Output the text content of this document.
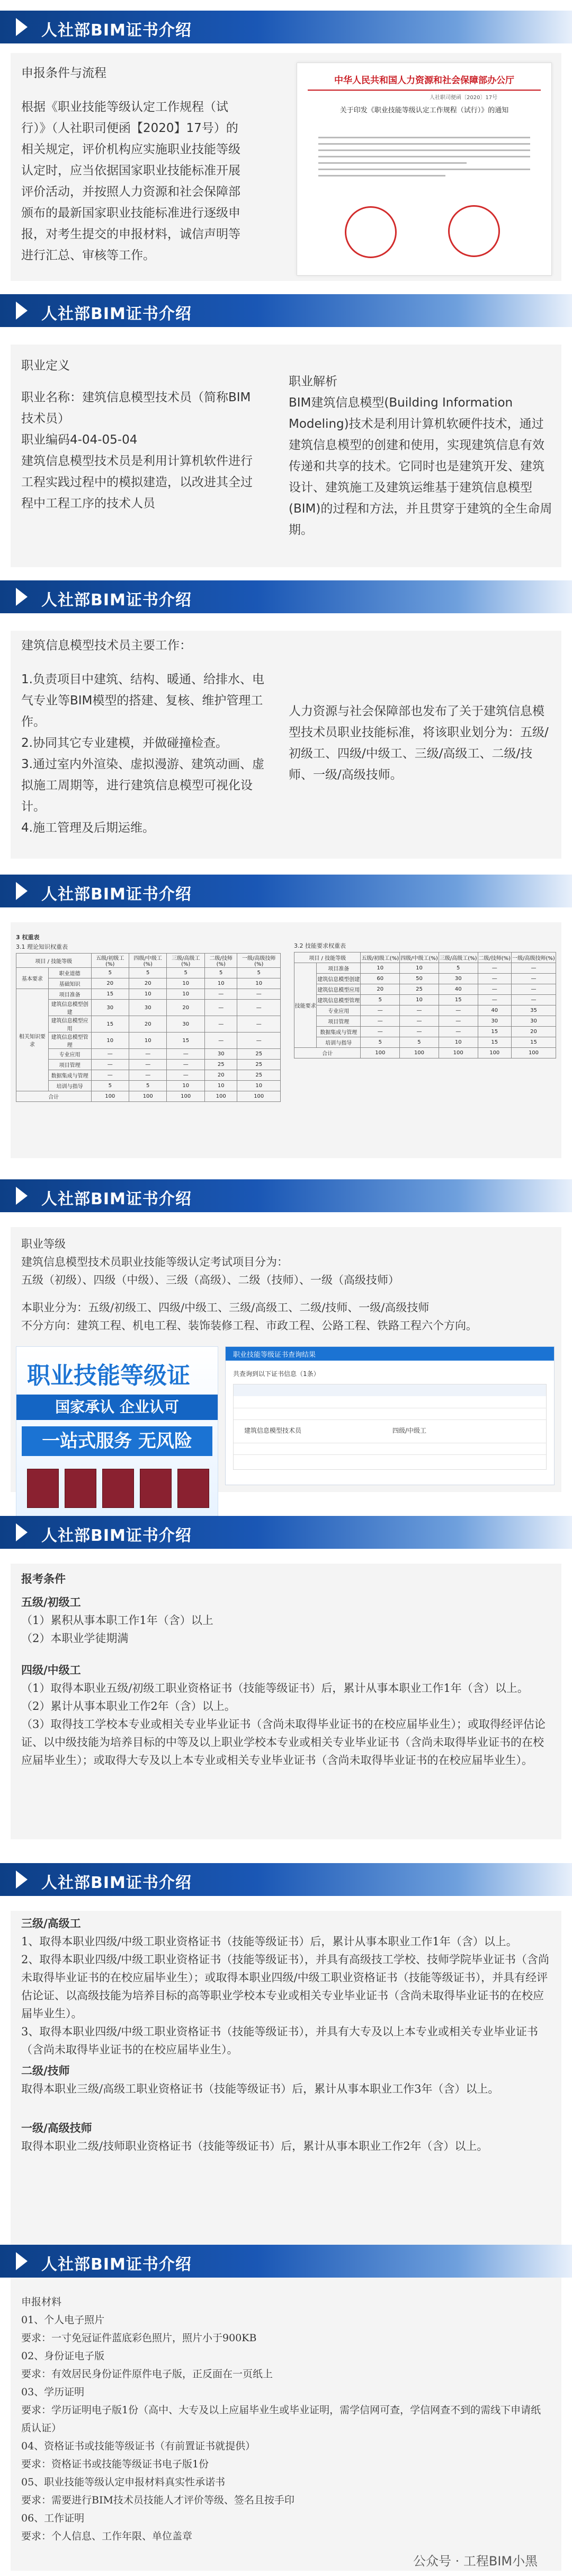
人社部BIM证书介绍

申报条件与流程

根据《职业技能等级认定工作规程（试行）》（人社职司便函【2020】17号）的相关规定，评价机构应实施职业技能等级认定时，应当依据国家职业技能标准开展评价活动，并按照人力资源和社会保障部颁布的最新国家职业技能标准进行逐级申报，对考生提交的申报材料，诚信声明等进行汇总、审核等工作。

中华人民共和国人力资源和社会保障部办公厅
人社职司便函〔2020〕17号
关于印发《职业技能等级认定工作规程（试行）》的通知
人社部BIM证书介绍

职业定义

职业名称：建筑信息模型技术员（简称BIM技术员）

职业编码4-04-05-04

建筑信息模型技术员是利用计算机软件进行工程实践过程中的模拟建造，以改进其全过程中工程工序的技术人员

职业解析

BIM建筑信息模型(Building Information Modeling)技术是利用计算机软硬件技术，通过建筑信息模型的创建和使用，实现建筑信息有效传递和共享的技术。它同时也是建筑开发、建筑设计、建筑施工及建筑运维基于建筑信息模型(BIM)的过程和方法，并且贯穿于建筑的全生命周期。

人社部BIM证书介绍

建筑信息模型技术员主要工作：

1.负责项目中建筑、结构、暖通、给排水、电气专业等BIM模型的搭建、复核、维护管理工作。

2.协同其它专业建模，并做碰撞检查。

3.通过室内外渲染、虚拟漫游、建筑动画、虚拟施工周期等，进行建筑信息模型可视化设计。

4.施工管理及后期运维。

人力资源与社会保障部也发布了关于建筑信息模型技术员职业技能标准，将该职业划分为：五级/初级工、四级/中级工、三级/高级工、二级/技师、一级/高级技师。

人社部BIM证书介绍
3 权重表
3.1 理论知识权重表
项目 / 技能等级		五级/初级工(%)	四级/中级工(%)	三级/高级工(%)	二级/技师(%)	一级/高级技师(%)
基本要求	职业道德	5	5	5	5	5
	基础知识	20	20	10	10	10
相关知识要求	项目准备	15	10	10	—	—
	建筑信息模型创建	30	30	20	—	—
	建筑信息模型应用	15	20	30	—	—
	建筑信息模型管理	10	10	15	—	—
	专业应用	—	—	—	30	25
	项目管理	—	—	—	25	25
	数据集成与管理	—	—	—	20	25
	培训与指导	5	5	10	10	10
合计		100	100	100	100	100
3.2 技能要求权重表
项目 / 技能等级		五级/初级工(%)	四级/中级工(%)	三级/高级工(%)	二级/技师(%)	一级/高级技师(%)
技能要求	项目准备	10	10	5	—	—
	建筑信息模型创建	60	50	30	—	—
	建筑信息模型应用	20	25	40	—	—
	建筑信息模型管理	5	10	15	—	—
	专业应用	—	—	—	40	35
	项目管理	—	—	—	30	30
	数据集成与管理	—	—	—	15	20
	培训与指导	5	5	10	15	15
合计		100	100	100	100	100
人社部BIM证书介绍

职业等级

建筑信息模型技术员职业技能等级认定考试项目分为：

五级（初级）、四级（中级）、三级（高级）、二级（技师）、一级（高级技师）

本职业分为：五级/初级工、四级/中级工、三级/高级工、二级/技师、一级/高级技师

不分方向：建筑工程、机电工程、装饰装修工程、市政工程、公路工程、铁路工程六个方向。

职业技能等级证
国家承认 企业认可
一站式服务 无风险
职业技能等级证书查询结果
共查询到以下证书信息（1条）
建筑信息模型技术员	四级/中级工
人社部BIM证书介绍

报考条件

五级/初级工

（1）累积从事本职工作1年（含）以上

（2）本职业学徒期满

四级/中级工

（1）取得本职业五级/初级工职业资格证书（技能等级证书）后，累计从事本职业工作1年（含）以上。

（2）累计从事本职业工作2年（含）以上。

（3）取得技工学校本专业或相关专业毕业证书（含尚未取得毕业证书的在校应届毕业生）；或取得经评估论证、以中级技能为培养目标的中等及以上职业学校本专业或相关专业毕业证书（含尚未取得毕业证书的在校应届毕业生）；或取得大专及以上本专业或相关专业毕业证书（含尚未取得毕业证书的在校应届毕业生）。

人社部BIM证书介绍

三级/高级工

1、取得本职业四级/中级工职业资格证书（技能等级证书）后，累计从事本职业工作1年（含）以上。

2、取得本职业四级/中级工职业资格证书（技能等级证书），并具有高级技工学校、技师学院毕业证书（含尚未取得毕业证书的在校应届毕业生）；或取得本职业四级/中级工职业资格证书（技能等级证书），并具有经评估论证、以高级技能为培养目标的高等职业学校本专业或相关专业毕业证书（含尚未取得毕业证书的在校应届毕业生）。

3、取得本职业四级/中级工职业资格证书（技能等级证书），并具有大专及以上本专业或相关专业毕业证书（含尚未取得毕业证书的在校应届毕业生）。

二级/技师

取得本职业三级/高级工职业资格证书（技能等级证书）后，累计从事本职业工作3年（含）以上。

一级/高级技师

取得本职业二级/技师职业资格证书（技能等级证书）后，累计从事本职业工作2年（含）以上。

人社部BIM证书介绍

申报材料

01、个人电子照片

要求：一寸免冠证件蓝底彩色照片，照片小于900KB

02、身份证电子版

要求：有效居民身份证件原件电子版，正反面在一页纸上

03、学历证明

要求：学历证明电子版1份（高中、大专及以上应届毕业生或毕业证明，需学信网可查，学信网查不到的需线下申请纸质认证）

04、资格证书或技能等级证书（有前置证书就提供）

要求：资格证书或技能等级证书电子版1份

05、职业技能等级认定申报材料真实性承诺书

要求：需要进行BIM技术员技能人才评价等级、签名且按手印

06、工作证明

要求：个人信息、工作年限、单位盖章

公众号 · 工程BIM小黑
